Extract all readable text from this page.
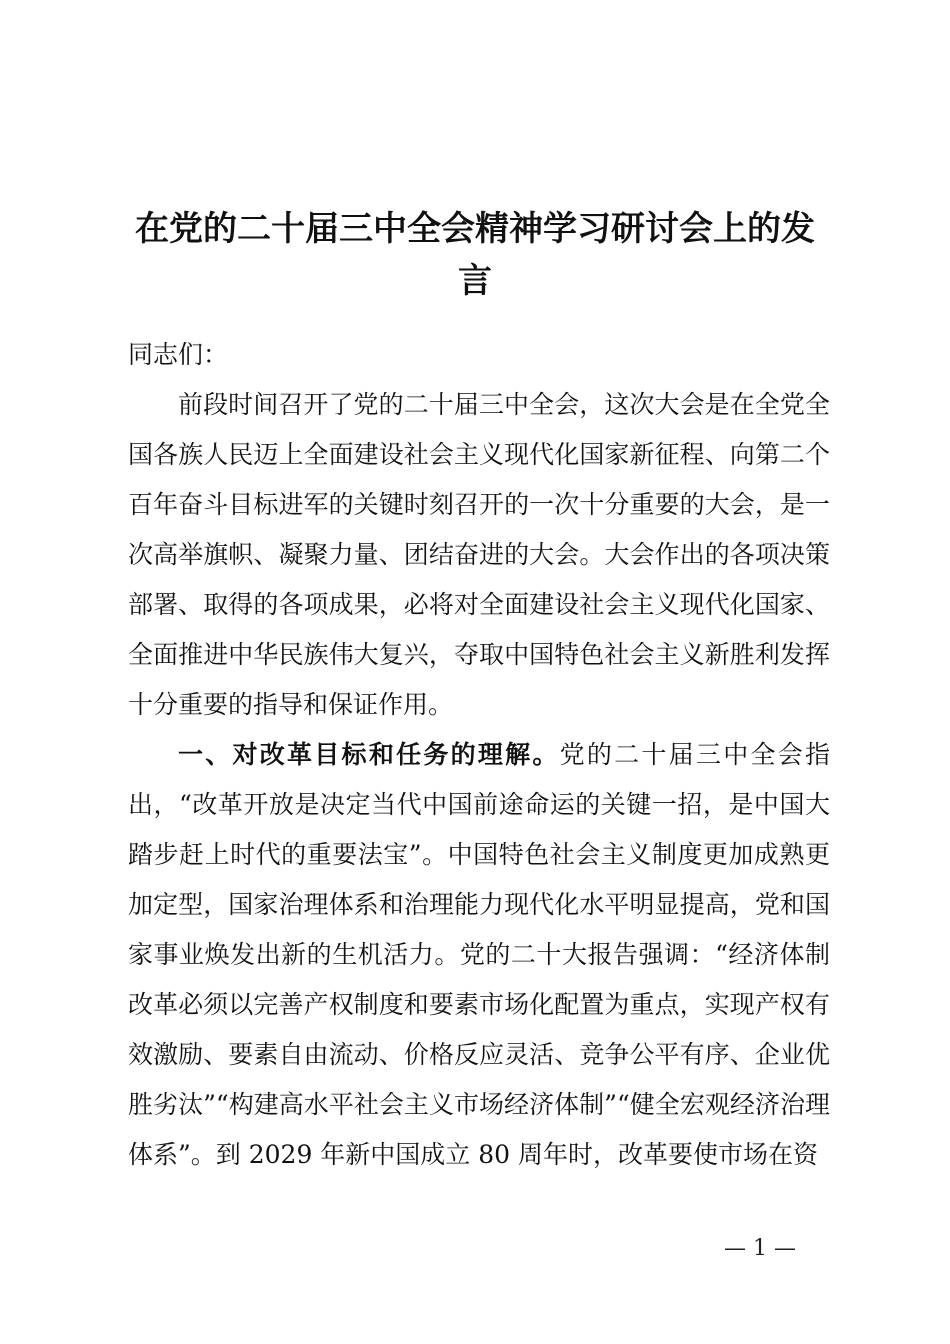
在党的二十届三中全会精神学习研讨会上的发言

同志们：

前段时间召开了党的二十届三中全会，这次大会是在全党全国各族人民迈上全面建设社会主义现代化国家新征程、向第二个百年奋斗目标进军的关键时刻召开的一次十分重要的大会，是一次高举旗帜、凝聚力量、团结奋进的大会。大会作出的各项决策部署、取得的各项成果，必将对全面建设社会主义现代化国家、全面推进中华民族伟大复兴，夺取中国特色社会主义新胜利发挥十分重要的指导和保证作用。

一、对改革目标和任务的理解。党的二十届三中全会指出，“改革开放是决定当代中国前途命运的关键一招，是中国大踏步赶上时代的重要法宝”。中国特色社会主义制度更加成熟更加定型，国家治理体系和治理能力现代化水平明显提高，党和国家事业焕发出新的生机活力。党的二十大报告强调：“经济体制改革必须以完善产权制度和要素市场化配置为重点，实现产权有效激励、要素自由流动、价格反应灵活、竞争公平有序、企业优胜劣汰”“构建高水平社会主义市场经济体制”“健全宏观经济治理体系”。到 2029 年新中国成立 80 周年时，改革要使市场在资

— 1 —
